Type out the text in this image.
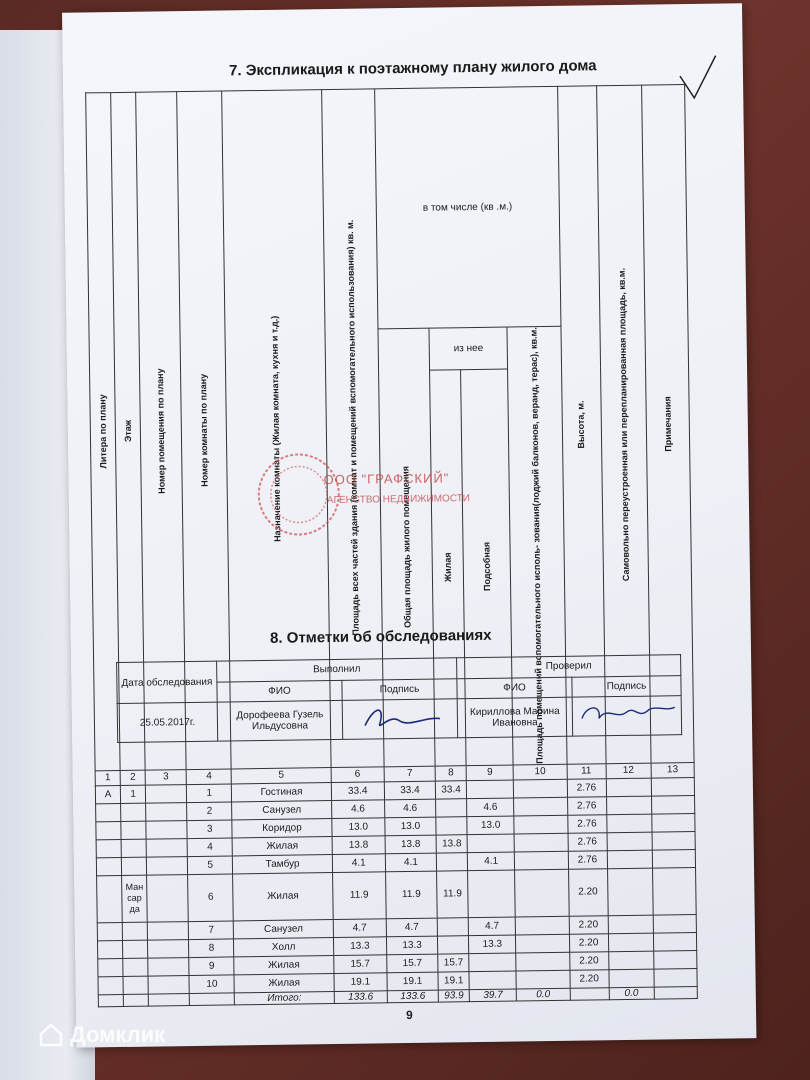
7. Экспликация к поэтажному плану жилого дома
Литера по плану	Этаж	Номер помещения по плану	Номер комнаты по плану	Назначение комнаты (Жилая комната, кухня и т.д.)	Площадь всех частей здания (комнат и помещений вспомогательного использования) кв. м.	в том числе (кв .м.)				Высота, м.	Самовольно переустроенная или перепланированная площадь, кв.м.	Примечания

						Общая площадь жилого помещения	из нее		Площадь помещений вспомогательного исполь- зования(лоджий балконов, веранд, терас), кв.м.			

							Жилая	Подсобная				

1	2	3	4	5	6	7	8	9	10	11	12	13
А	1		1	Гостиная	33.4	33.4	33.4			2.76		
			2	Санузел	4.6	4.6		4.6		2.76		
			3	Коридор	13.0	13.0		13.0		2.76		
			4	Жилая	13.8	13.8	13.8			2.76		
			5	Тамбур	4.1	4.1		4.1		2.76		
	Ман сар да		6	Жилая	11.9	11.9	11.9			2.20		
			7	Санузел	4.7	4.7		4.7		2.20		
			8	Холл	13.3	13.3		13.3		2.20		
			9	Жилая	15.7	15.7	15.7			2.20		
			10	Жилая	19.1	19.1	19.1			2.20		
				Итого:	133.6	133.6	93.9	39.7	0.0		0.0	
ООО "ГРАФСКИЙ"
АГЕНСТВО НЕДВИЖИМОСТИ
8. Отметки об обследованиях
Дата обследования	Выполнил		Проверил	
	ФИО	Подпись	ФИО	Подпись
25.05.2017г.	Дорофеева Гузель Ильдусовна		Кириллова Марина Ивановна	
9
Домклик
